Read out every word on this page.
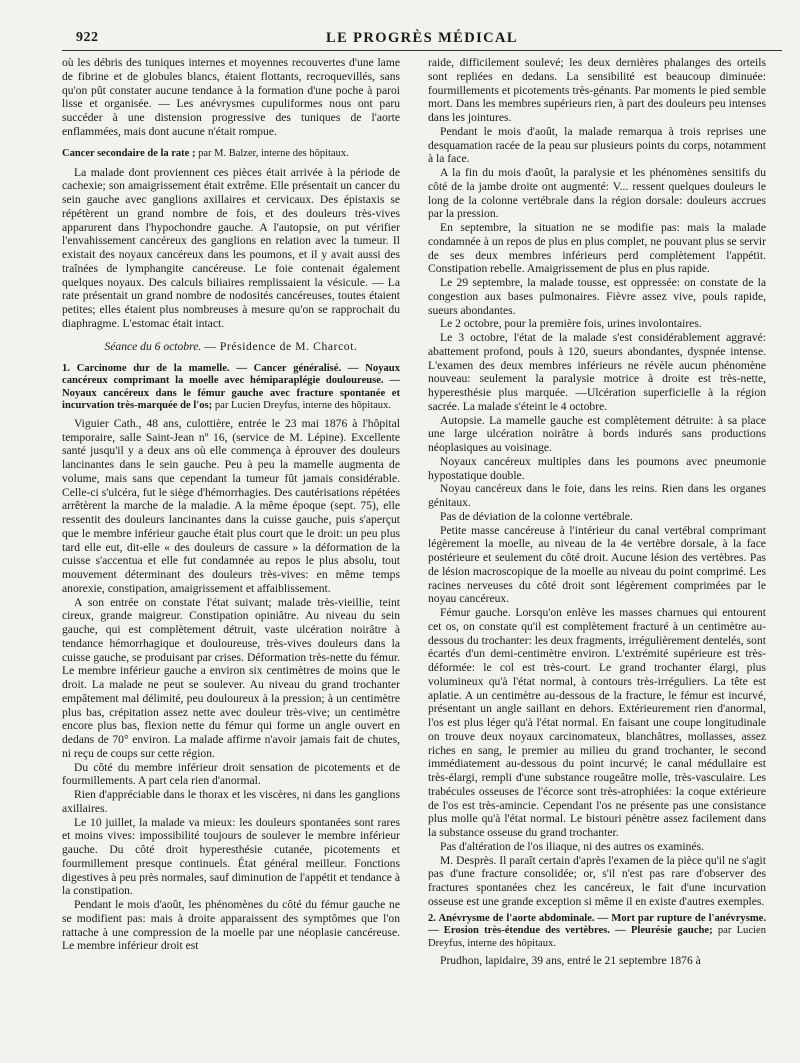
922	LE PROGRÈS MÉDICAL

où les débris des tuniques internes et moyennes recouvertes d'une lame de fibrine et de globules blancs, étaient flottants, recroquevillés, sans qu'on pût constater aucune tendance à la formation d'une poche à paroi lisse et organisée. — Les anévrysmes cupuliformes nous ont paru succéder à une distension progressive des tuniques de l'aorte enflammées, mais dont aucune n'était rompue.

Cancer secondaire de la rate ; par M. Balzer, interne des hôpitaux.

La malade dont proviennent ces pièces était arrivée à la période de cachexie; son amaigrissement était extrême. Elle présentait un cancer du sein gauche avec ganglions axillaires et cervicaux. Des épistaxis se répétèrent un grand nombre de fois, et des douleurs très-vives apparurent dans l'hypochondre gauche. A l'autopsie, on put vérifier l'envahissement cancéreux des ganglions en relation avec la tumeur. Il existait des noyaux cancéreux dans les poumons, et il y avait aussi des traînées de lymphangite cancéreuse. Le foie contenait également quelques noyaux. Des calculs biliaires remplissaient la vésicule. — La rate présentait un grand nombre de nodosités cancéreuses, toutes étaient petites; elles étaient plus nombreuses à mesure qu'on se rapprochait du diaphragme. L'estomac était intact.

Séance du 6 octobre. — Présidence de M. Charcot.
1. Carcinome dur de la mamelle. — Cancer généralisé. — Noyaux cancéreux comprimant la moelle avec hémiparaplégie douloureuse. — Noyaux cancéreux dans le fémur gauche avec fracture spontanée et incurvation très-marquée de l'os; par Lucien Dreyfus, interne des hôpitaux.

Viguier Cath., 48 ans, culottière, entrée le 23 mai 1876 à l'hôpital temporaire, salle Saint-Jean nº 16, (service de M. Lépine). Excellente santé jusqu'il y a deux ans où elle commença à éprouver des douleurs lancinantes dans le sein gauche. Peu à peu la mamelle augmenta de volume, mais sans que cependant la tumeur fût jamais considérable. Celle-ci s'ulcéra, fut le siège d'hémorrhagies. Des cautérisations répétées arrêtèrent la marche de la maladie. A la même époque (sept. 75), elle ressentit des douleurs lancinantes dans la cuisse gauche, puis s'aperçut que le membre inférieur gauche était plus court que le droit: un peu plus tard elle eut, dit-elle « des douleurs de cassure » la déformation de la cuisse s'accentua et elle fut condamnée au repos le plus absolu, tout mouvement déterminant des douleurs très-vives: en même temps anorexie, constipation, amaigrissement et affaiblissement.

A son entrée on constate l'état suivant; malade très-vieillie, teint cireux, grande maigreur. Constipation opiniâtre. Au niveau du sein gauche, qui est complètement détruit, vaste ulcération noirâtre à tendance hémorrhagique et douloureuse, très-vives douleurs dans la cuisse gauche, se produisant par crises. Déformation très-nette du fémur. Le membre inférieur gauche a environ six centimètres de moins que le droit. La malade ne peut se soulever. Au niveau du grand trochanter empâtement mal délimité, peu douloureux à la pression; à un centimètre plus bas, crépitation assez nette avec douleur très-vive; un centimètre encore plus bas, flexion nette du fémur qui forme un angle ouvert en dedans de 70° environ. La malade affirme n'avoir jamais fait de chutes, ni reçu de coups sur cette région.

Du côté du membre inférieur droit sensation de picotements et de fourmillements. A part cela rien d'anormal.

Rien d'appréciable dans le thorax et les viscères, ni dans les ganglions axillaires.

Le 10 juillet, la malade va mieux: les douleurs spontanées sont rares et moins vives: impossibilité toujours de soulever le membre inférieur gauche. Du côté droit hyperesthésie cutanée, picotements et fourmillement presque continuels. État général meilleur. Fonctions digestives à peu près normales, sauf diminution de l'appétit et tendance à la constipation.

Pendant le mois d'août, les phénomènes du côté du fémur gauche ne se modifient pas: mais à droite apparaissent des symptômes que l'on rattache à une compression de la moelle par une néoplasie cancéreuse. Le membre inférieur droit est

raide, difficilement soulevé; les deux dernières phalanges des orteils sont repliées en dedans. La sensibilité est beaucoup diminuée: fourmillements et picotements très-génants. Par moments le pied semble mort. Dans les membres supérieurs rien, à part des douleurs peu intenses dans les jointures.

Pendant le mois d'août, la malade remarqua à trois reprises une desquamation racée de la peau sur plusieurs points du corps, notamment à la face.

A la fin du mois d'août, la paralysie et les phénomènes sensitifs du côté de la jambe droite ont augmenté: V... ressent quelques douleurs le long de la colonne vertébrale dans la région dorsale: douleurs accrues par la pression.

En septembre, la situation ne se modifie pas: mais la malade condamnée à un repos de plus en plus complet, ne pouvant plus se servir de ses deux membres inférieurs perd complètement l'appétit. Constipation rebelle. Amaigrissement de plus en plus rapide.

Le 29 septembre, la malade tousse, est oppressée: on constate de la congestion aux bases pulmonaires. Fièvre assez vive, pouls rapide, sueurs abondantes.

Le 2 octobre, pour la première fois, urines involontaires.

Le 3 octobre, l'état de la malade s'est considérablement aggravé: abattement profond, pouls à 120, sueurs abondantes, dyspnée intense. L'examen des deux membres inférieurs ne révèle aucun phénomène nouveau: seulement la paralysie motrice à droite est très-nette, hyperesthésie plus marquée. —Ulcération superficielle à la région sacrée. La malade s'éteint le 4 octobre.

Autopsie. La mamelle gauche est complètement détruite: à sa place une large ulcération noirâtre à bords indurés sans productions néoplasiques au voisinage.

Noyaux cancéreux multiples dans les poumons avec pneumonie hypostatique double.

Noyau cancéreux dans le foie, dans les reins. Rien dans les organes génitaux.

Pas de déviation de la colonne vertébrale.

Petite masse cancéreuse à l'intérieur du canal vertébral comprimant légèrement la moelle, au niveau de la 4e vertèbre dorsale, à la face postérieure et seulement du côté droit. Aucune lésion des vertèbres. Pas de lésion macroscopique de la moelle au niveau du point comprimé. Les racines nerveuses du côté droit sont légèrement comprimées par le noyau cancéreux.

Fémur gauche. Lorsqu'on enlève les masses charnues qui entourent cet os, on constate qu'il est complètement fracturé à un centimètre au-dessous du trochanter: les deux fragments, irrégulièrement dentelés, sont écartés d'un demi-centimètre environ. L'extrémité supérieure est très-déformée: le col est très-court. Le grand trochanter élargi, plus volumineux qu'à l'état normal, à contours très-irréguliers. La tête est aplatie. A un centimètre au-dessous de la fracture, le fémur est incurvé, présentant un angle saillant en dehors. Extérieurement rien d'anormal, l'os est plus léger qu'à l'état normal. En faisant une coupe longitudinale on trouve deux noyaux carcinomateux, blanchâtres, mollasses, assez riches en sang, le premier au milieu du grand trochanter, le second immédiatement au-dessous du point incurvé; le canal médullaire est très-élargi, rempli d'une substance rougeâtre molle, très-vasculaire. Les trabécules osseuses de l'écorce sont très-atrophiées: la coque extérieure de l'os est très-amincie. Cependant l'os ne présente pas une consistance plus molle qu'à l'état normal. Le bistouri pénètre assez facilement dans la substance osseuse du grand trochanter.

Pas d'altération de l'os iliaque, ni des autres os examinés.

M. Desprès. Il paraît certain d'après l'examen de la pièce qu'il ne s'agit pas d'une fracture consolidée; or, s'il n'est pas rare d'observer des fractures spontanées chez les cancéreux, le fait d'une incurvation osseuse est une grande exception si même il en existe d'autres exemples.

2. Anévrysme de l'aorte abdominale. — Mort par rupture de l'anévrysme. — Erosion très-étendue des vertèbres. — Pleurésie gauche; par Lucien Dreyfus, interne des hôpitaux.

Prudhon, lapidaire, 39 ans, entré le 21 septembre 1876 à
